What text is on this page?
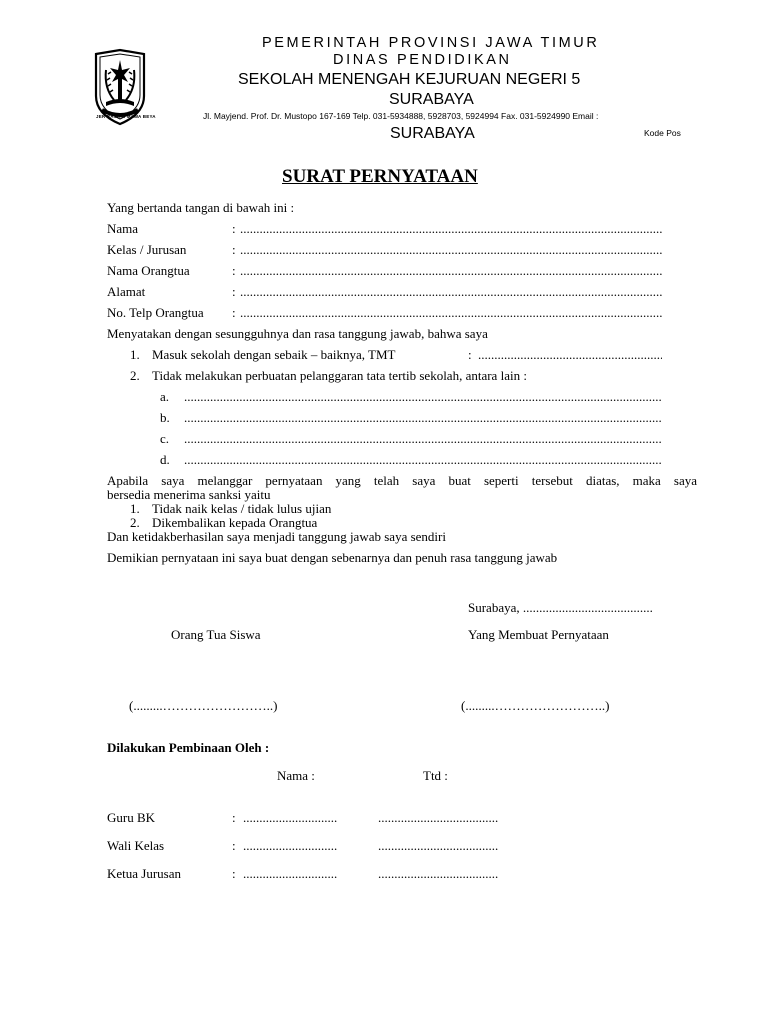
JER BASUKI MAWA BEYA
PEMERINTAH PROVINSI JAWA TIMUR
DINAS PENDIDIKAN
SEKOLAH MENENGAH KEJURUAN NEGERI 5
SURABAYA
Jl. Mayjend. Prof. Dr. Mustopo 167-169 Telp. 031-5934888, 5928703, 5924994 Fax. 031-5924990 Email :
SURABAYA	Kode Pos
SURAT PERNYATAAN
Yang bertanda tangan di bawah ini :
Nama	:
.....
Kelas / Jurusan	:
.....
Nama Orangtua	:
.....
Alamat	:
.....
No. Telp Orangtua :
.....
Menyatakan dengan sesungguhnya dan rasa tanggung jawab, bahwa saya
1. Masuk sekolah dengan sebaik – baiknya, TMT	:
.....
2. Tidak melakukan perbuatan pelanggaran tata tertib sekolah, antara lain :
a.
.....
b.
.....
c.
.....
d.
.....
Apabila saya melanggar pernyataan yang telah saya buat seperti tersebut diatas, maka saya
bersedia menerima sanksi yaitu
1. Tidak naik kelas / tidak lulus ujian
2. Dikembalikan kepada Orangtua
Dan ketidakberhasilan saya menjadi tanggung jawab saya sendiri
Demikian pernyataan ini saya buat dengan sebenarnya dan penuh rasa tanggung jawab
Surabaya, ........................................
Orang Tua Siswa	Yang Membuat Pernyataan
(.........……………………..)	(.........……………………..)
Dilakukan Pembinaan Oleh :
Nama :	Ttd :
Guru BK	: .............................	.....................................
Wali Kelas	: .............................	.....................................
Ketua Jurusan	: .............................	.....................................
